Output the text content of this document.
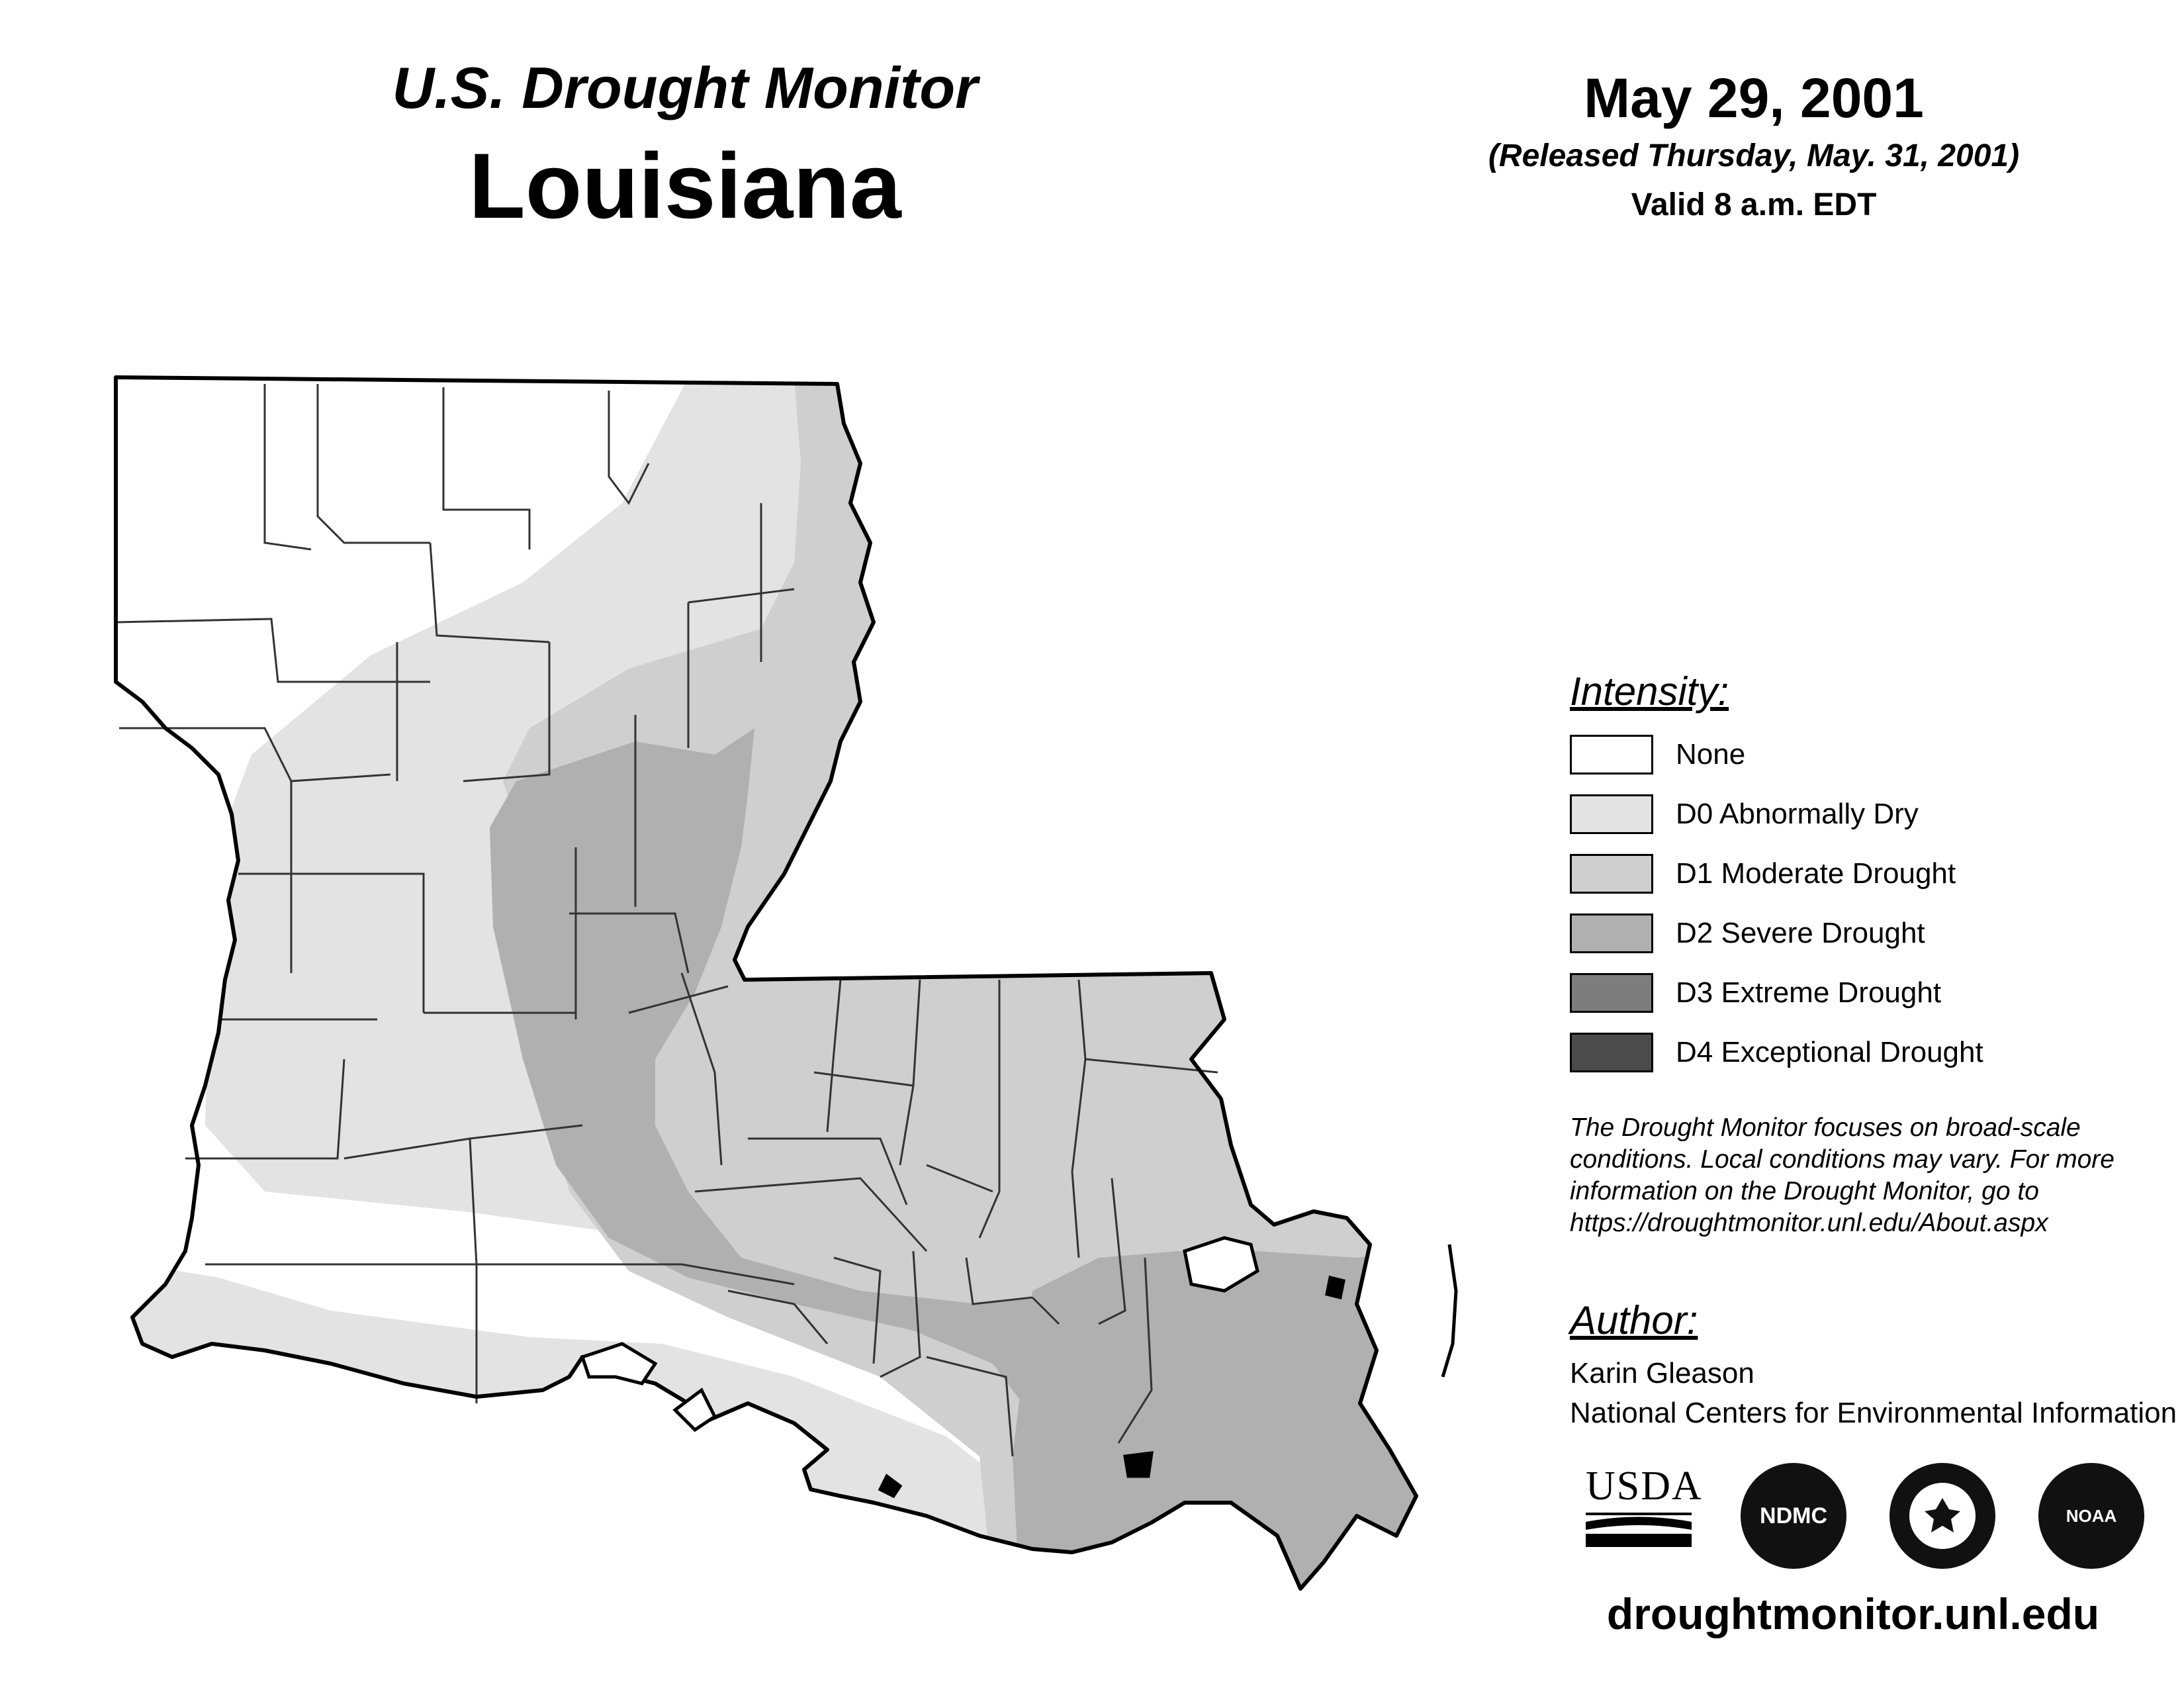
U.S. Drought Monitor
Louisiana
May 29, 2001
(Released Thursday, May. 31, 2001)
Valid 8 a.m. EDT
Intensity:
None
D0 Abnormally Dry
D1 Moderate Drought
D2 Severe Drought
D3 Extreme Drought
D4 Exceptional Drought
The Drought Monitor focuses on broad-scale
conditions. Local conditions may vary. For more
information on the Drought Monitor, go to
https://droughtmonitor.unl.edu/About.aspx
Author:
Karin Gleason
National Centers for Environmental Information
USDA
NDMC	NOAA
droughtmonitor.unl.edu
